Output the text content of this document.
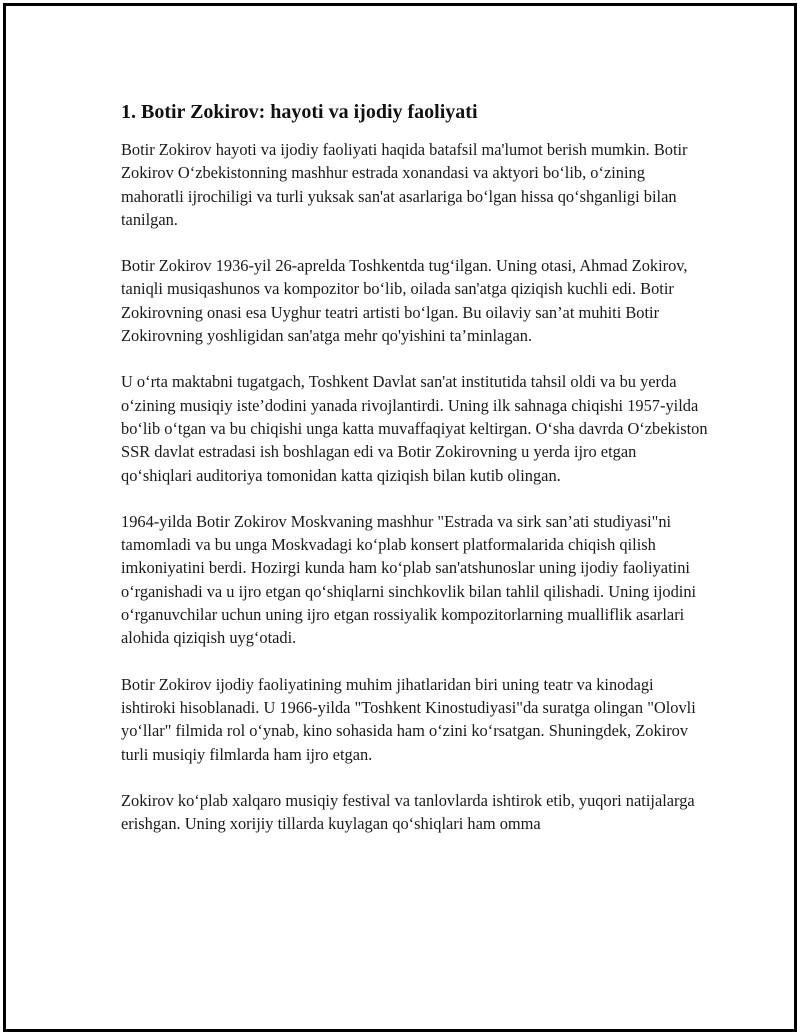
1. Botir Zokirov: hayoti va ijodiy faoliyati

Botir Zokirov hayoti va ijodiy faoliyati haqida batafsil ma'lumot berish mumkin. Botir Zokirov O‘zbekistonning mashhur estrada xonandasi va aktyori bo‘lib, o‘zining mahoratli ijrochiligi va turli yuksak san'at asarlariga bo‘lgan hissa qo‘shganligi bilan tanilgan.

Botir Zokirov 1936-yil 26-aprelda Toshkentda tug‘ilgan. Uning otasi, Ahmad Zokirov, taniqli musiqashunos va kompozitor bo‘lib, oilada san'atga qiziqish kuchli edi. Botir Zokirovning onasi esa Uyghur teatri artisti bo‘lgan. Bu oilaviy san’at muhiti Botir Zokirovning yoshligidan san'atga mehr qo'yishini ta’minlagan.

U o‘rta maktabni tugatgach, Toshkent Davlat san'at institutida tahsil oldi va bu yerda o‘zining musiqiy iste’dodini yanada rivojlantirdi. Uning ilk sahnaga chiqishi 1957-yilda bo‘lib o‘tgan va bu chiqishi unga katta muvaffaqiyat keltirgan. O‘sha davrda O‘zbekiston SSR davlat estradasi ish boshlagan edi va Botir Zokirovning u yerda ijro etgan qo‘shiqlari auditoriya tomonidan katta qiziqish bilan kutib olingan.

1964-yilda Botir Zokirov Moskvaning mashhur "Estrada va sirk san’ati studiyasi"ni tamomladi va bu unga Moskvadagi ko‘plab konsert platformalarida chiqish qilish imkoniyatini berdi. Hozirgi kunda ham ko‘plab san'atshunoslar uning ijodiy faoliyatini o‘rganishadi va u ijro etgan qo‘shiqlarni sinchkovlik bilan tahlil qilishadi. Uning ijodini o‘rganuvchilar uchun uning ijro etgan rossiyalik kompozitorlarning mualliflik asarlari alohida qiziqish uyg‘otadi.

Botir Zokirov ijodiy faoliyatining muhim jihatlaridan biri uning teatr va kinodagi ishtiroki hisoblanadi. U 1966-yilda "Toshkent Kinostudiyasi"da suratga olingan "Olovli yo‘llar" filmida rol o‘ynab, kino sohasida ham o‘zini ko‘rsatgan. Shuningdek, Zokirov turli musiqiy filmlarda ham ijro etgan.

Zokirov ko‘plab xalqaro musiqiy festival va tanlovlarda ishtirok etib, yuqori natijalarga erishgan. Uning xorijiy tillarda kuylagan qo‘shiqlari ham omma
